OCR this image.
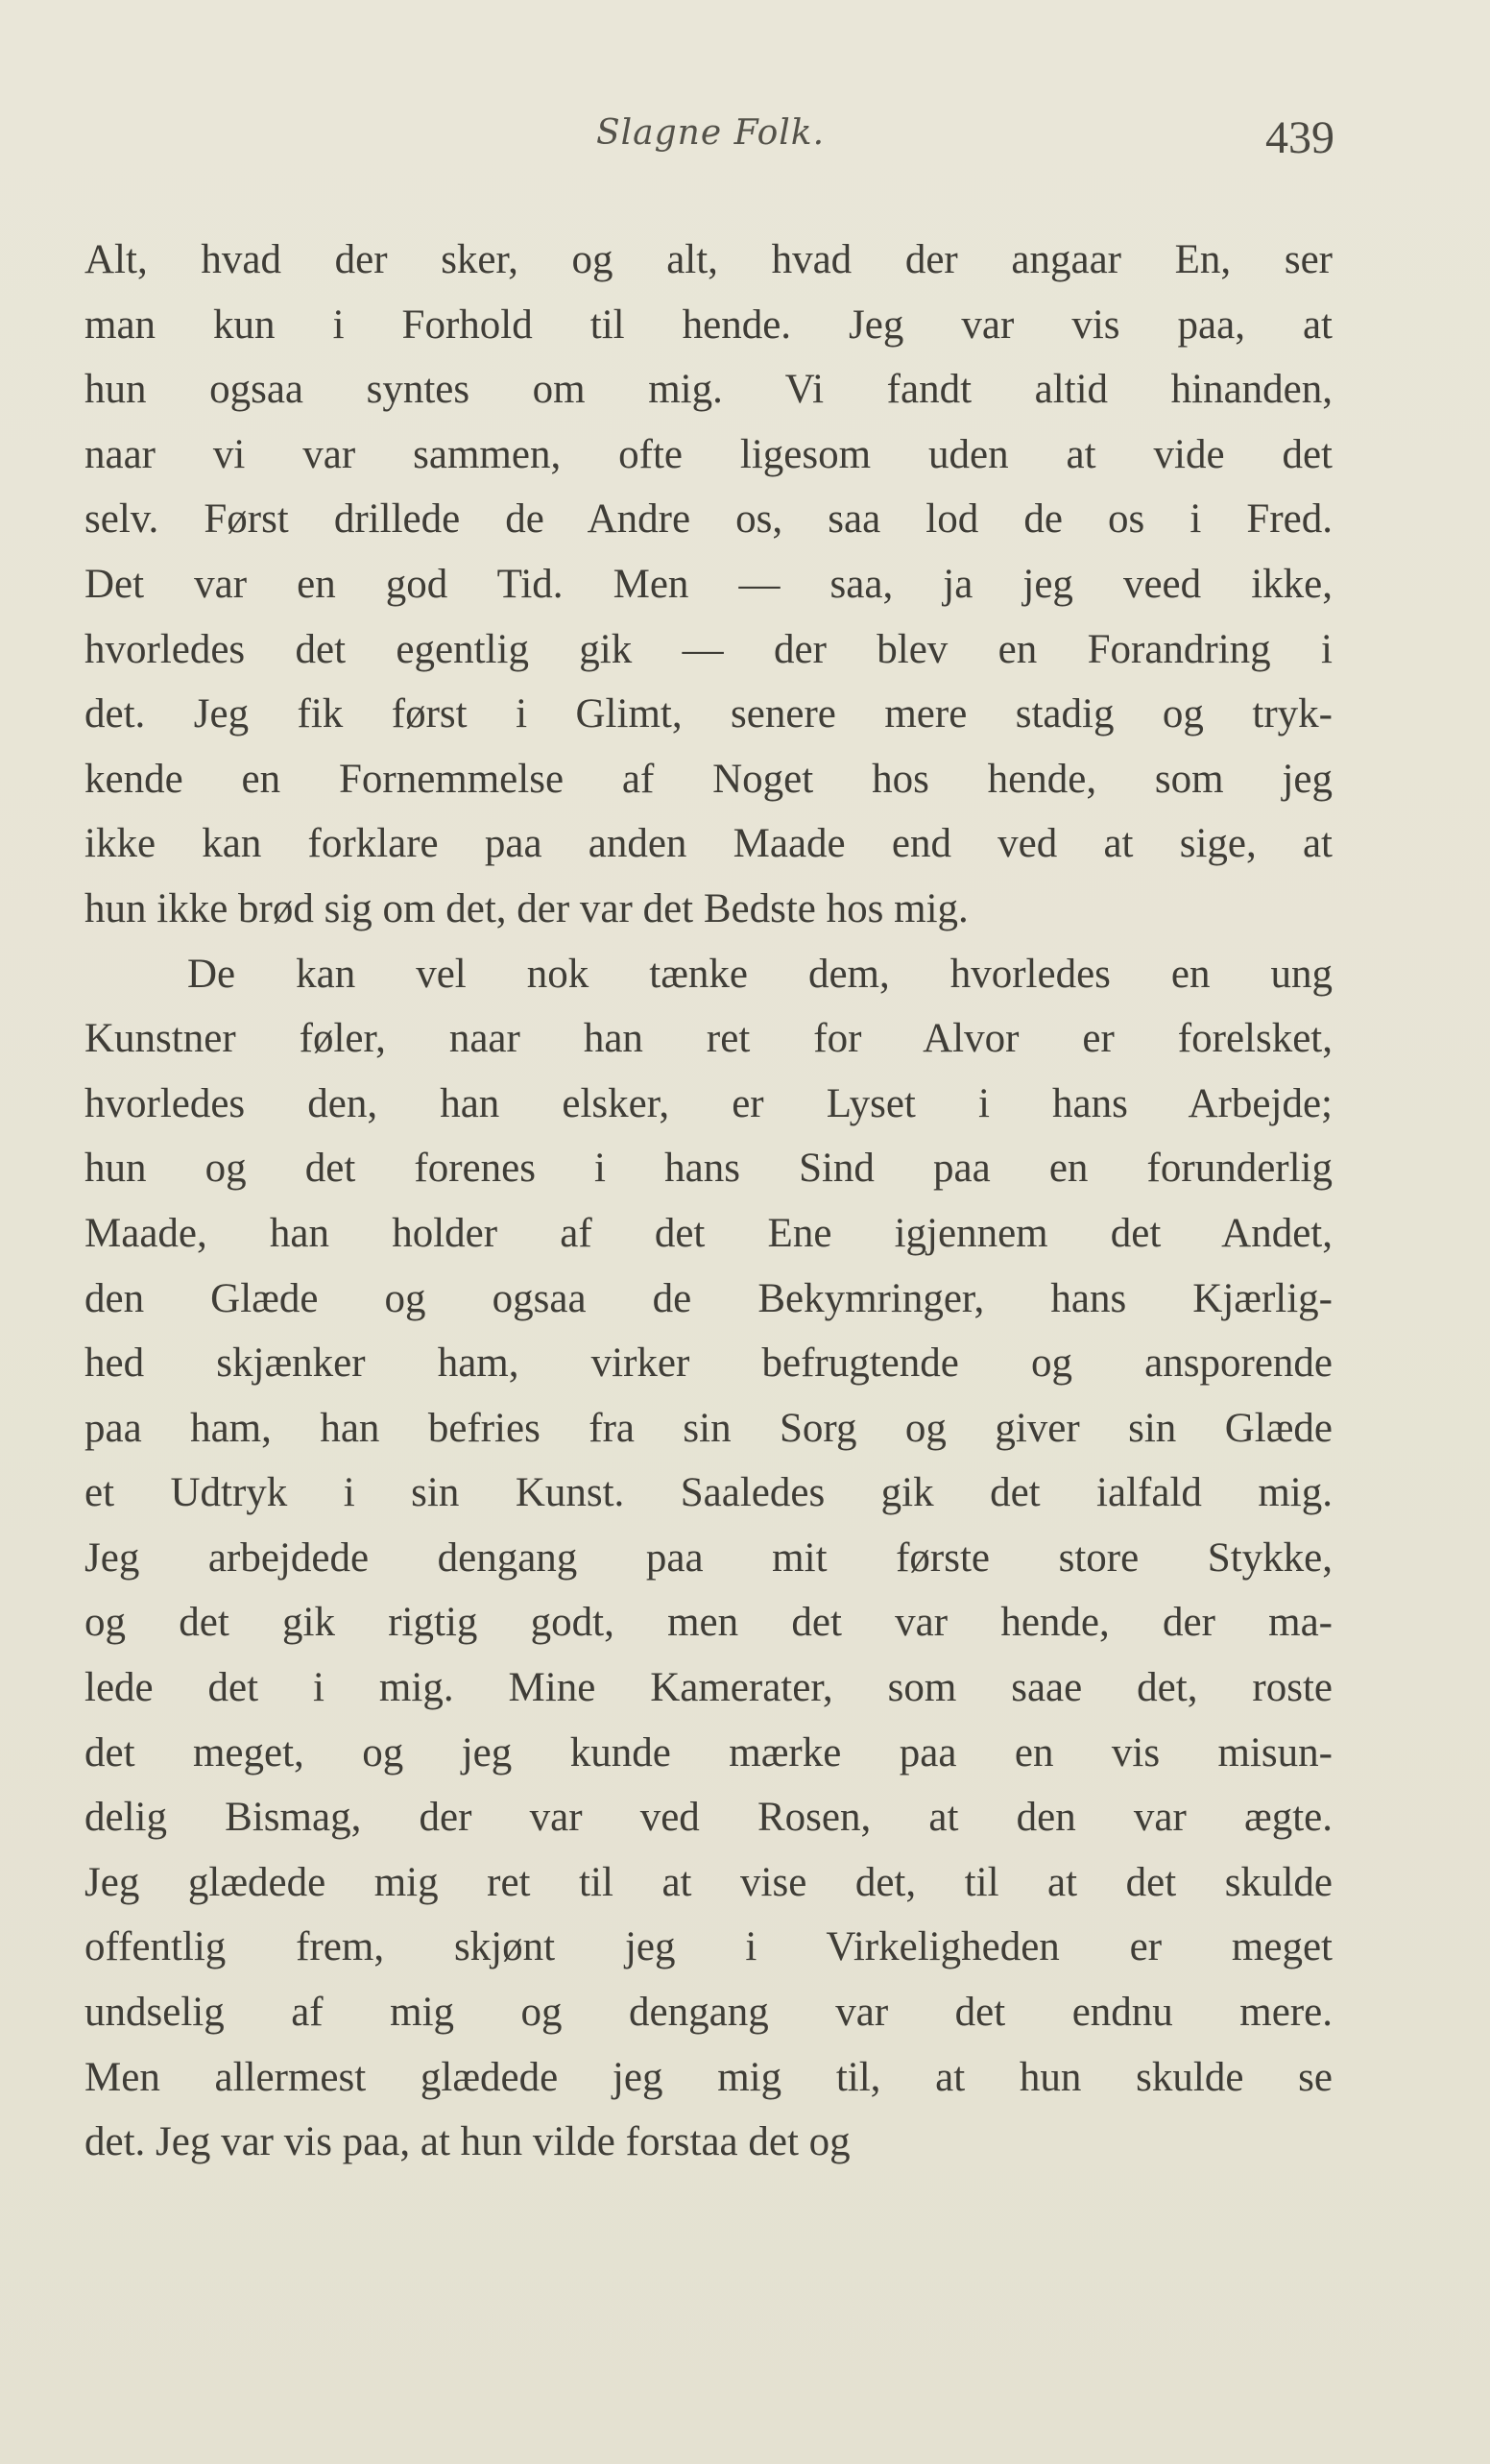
Slagne Folk.	439
Alt, hvad der sker, og alt, hvad der angaar En, ser
man kun i Forhold til hende. Jeg var vis paa, at
hun ogsaa syntes om mig. Vi fandt altid hinanden,
naar vi var sammen, ofte ligesom uden at vide det
selv. Først drillede de Andre os, saa lod de os i Fred.
Det var en god Tid. Men — saa, ja jeg veed ikke,
hvorledes det egentlig gik — der blev en Forandring i
det. Jeg fik først i Glimt, senere mere stadig og tryk-
kende en Fornemmelse af Noget hos hende, som jeg
ikke kan forklare paa anden Maade end ved at sige, at
hun ikke brød sig om det, der var det Bedste hos mig.
De kan vel nok tænke dem, hvorledes en ung
Kunstner føler, naar han ret for Alvor er forelsket,
hvorledes den, han elsker, er Lyset i hans Arbejde;
hun og det forenes i hans Sind paa en forunderlig
Maade, han holder af det Ene igjennem det Andet,
den Glæde og ogsaa de Bekymringer, hans Kjærlig-
hed skjænker ham, virker befrugtende og ansporende
paa ham, han befries fra sin Sorg og giver sin Glæde
et Udtryk i sin Kunst. Saaledes gik det ialfald mig.
Jeg arbejdede dengang paa mit første store Stykke,
og det gik rigtig godt, men det var hende, der ma-
lede det i mig. Mine Kamerater, som saae det, roste
det meget, og jeg kunde mærke paa en vis misun-
delig Bismag, der var ved Rosen, at den var ægte.
Jeg glædede mig ret til at vise det, til at det skulde
offentlig frem, skjønt jeg i Virkeligheden er meget
undselig af mig og dengang var det endnu mere.
Men allermest glædede jeg mig til, at hun skulde se
det. Jeg var vis paa, at hun vilde forstaa det og
